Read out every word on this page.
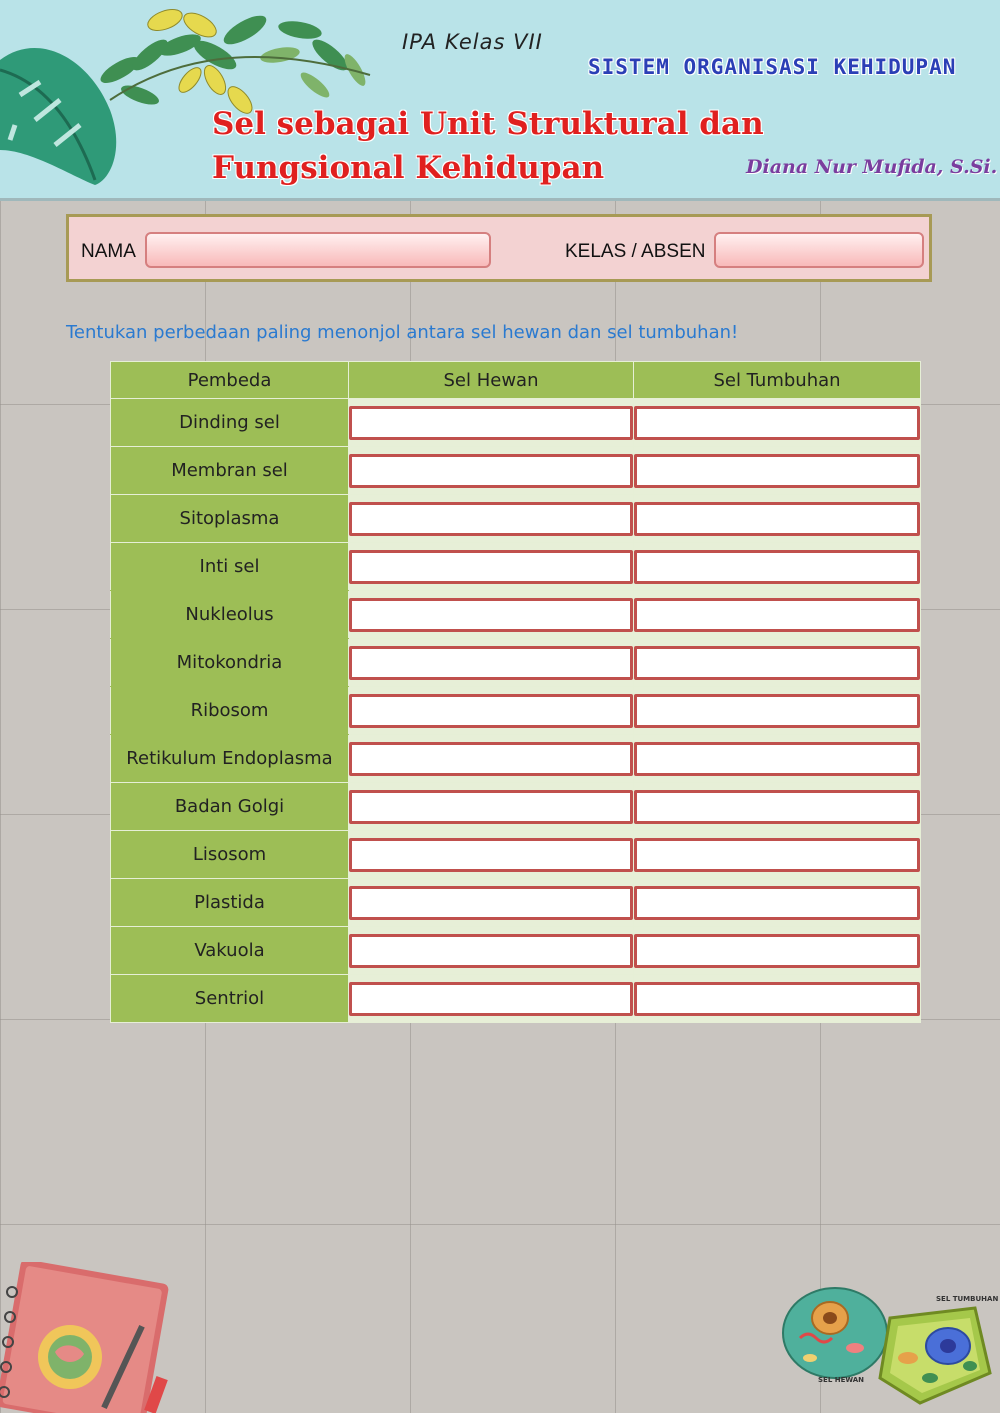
IPA Kelas VII
SISTEM ORGANISASI KEHIDUPAN
Sel sebagai Unit Struktural dan
Fungsional Kehidupan	Diana Nur Mufida, S.Si.
NAMA	KELAS / ABSEN
Tentukan perbedaan paling menonjol antara sel hewan dan sel tumbuhan!
Pembeda	Sel Hewan	Sel Tumbuhan
Dinding sel	

Membran sel	

Sitoplasma	

Inti sel	

Nukleolus	

Mitokondria	

Ribosom	

Retikulum Endoplasma	

Badan Golgi	

Lisosom	

Plastida	

Vakuola	

Sentriol	

SEL TUMBUHAN
SEL HEWAN
